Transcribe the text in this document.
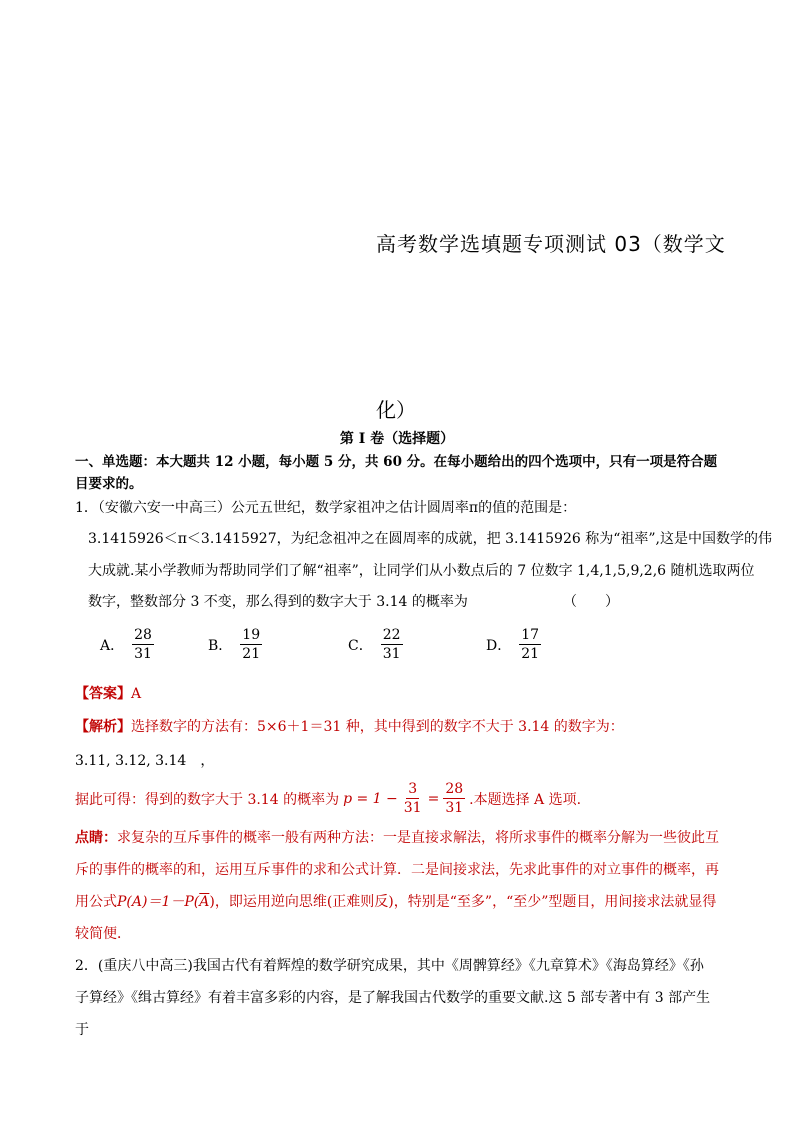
高考数学选填题专项测试 03（数学文
化）
第 I 卷（选择题）
一、单选题：本大题共 12 小题，每小题 5 分，共 60 分。在每小题给出的四个选项中，只有一项是符合题目要求的。
1．（安徽六安一中高三）公元五世纪，数学家祖冲之估计圆周率π的值的范围是：
3.1415926＜π＜3.1415927，为纪念祖冲之在圆周率的成就，把 3.1415926 称为“祖率”,这是中国数学的伟
大成就.某小学教师为帮助同学们了解“祖率”，让同学们从小数点后的 7 位数字 1,4,1,5,9,2,6 随机选取两位
数字，整数部分 3 不变，那么得到的数字大于 3.14 的概率为	（　　）
A． $\frac{28}{31}$	B． $\frac{19}{21}$	C． $\frac{22}{31}$	D． $\frac{17}{21}$
【答案】A
【解析】选择数字的方法有：5×6＋1＝31 种，其中得到的数字不大于 3.14 的数字为：
3.11, 3.12, 3.14　，
据此可得：得到的数字大于 3.14 的概率为 $p = 1 - \frac{3}{31} = \frac{28}{31}$ .本题选择 A 选项.
点睛：求复杂的互斥事件的概率一般有两种方法：一是直接求解法，将所求事件的概率分解为一些彼此互
斥的事件的概率的和，运用互斥事件的求和公式计算．二是间接求法，先求此事件的对立事件的概率，再
用公式$P(A)=1-P(\overline{A})$，即运用逆向思维(正难则反)，特别是“至多”，“至少”型题目，用间接求法就显得
较简便．
2．(重庆八中高三)我国古代有着辉煌的数学研究成果，其中《周髀算经》《九章算术》《海岛算经》《孙
子算经》《缉古算经》有着丰富多彩的内容，是了解我国古代数学的重要文献.这 5 部专著中有 3 部产生于
